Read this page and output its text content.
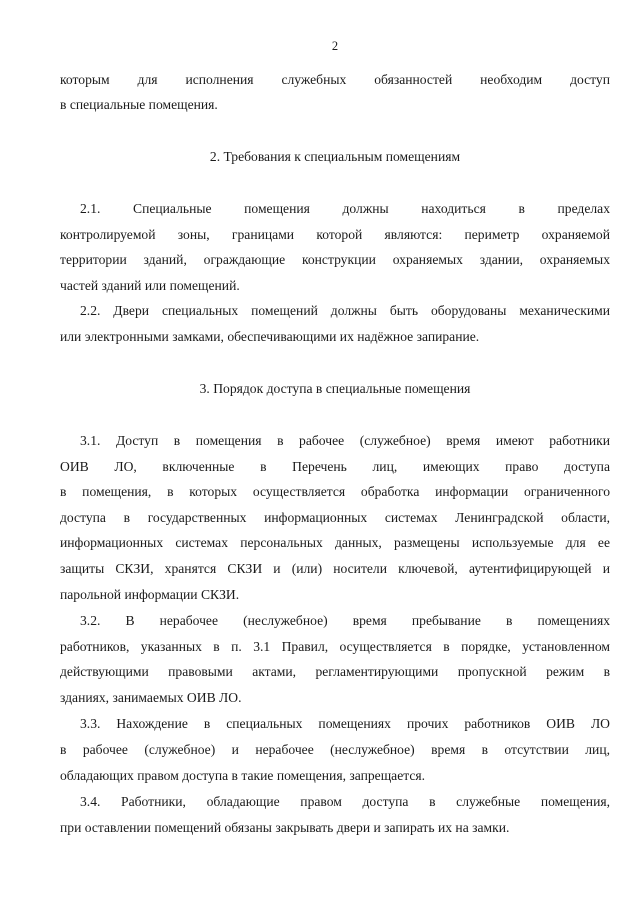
2
которым для исполнения служебных обязанностей необходим доступ
в специальные помещения.
2. Требования к специальным помещениям
2.1. Специальные помещения должны находиться в пределах
контролируемой зоны, границами которой являются: периметр охраняемой
территории зданий, ограждающие конструкции охраняемых здании, охраняемых
частей зданий или помещений.
2.2. Двери специальных помещений должны быть оборудованы механическими
или электронными замками, обеспечивающими их надёжное запирание.
3. Порядок доступа в специальные помещения
3.1. Доступ в помещения в рабочее (служебное) время имеют работники
ОИВ ЛО, включенные в Перечень лиц, имеющих право доступа
в помещения, в которых осуществляется обработка информации ограниченного
доступа в государственных информационных системах Ленинградской области,
информационных системах персональных данных, размещены используемые для ее
защиты СКЗИ, хранятся СКЗИ и (или) носители ключевой, аутентифицирующей и
парольной информации СКЗИ.
3.2. В нерабочее (неслужебное) время пребывание в помещениях
работников, указанных в п. 3.1 Правил, осуществляется в порядке, установленном
действующими правовыми актами, регламентирующими пропускной режим в
зданиях, занимаемых ОИВ ЛО.
3.3. Нахождение в специальных помещениях прочих работников ОИВ ЛО
в рабочее (служебное) и нерабочее (неслужебное) время в отсутствии лиц,
обладающих правом доступа в такие помещения, запрещается.
3.4. Работники, обладающие правом доступа в служебные помещения,
при оставлении помещений обязаны закрывать двери и запирать их на замки.
